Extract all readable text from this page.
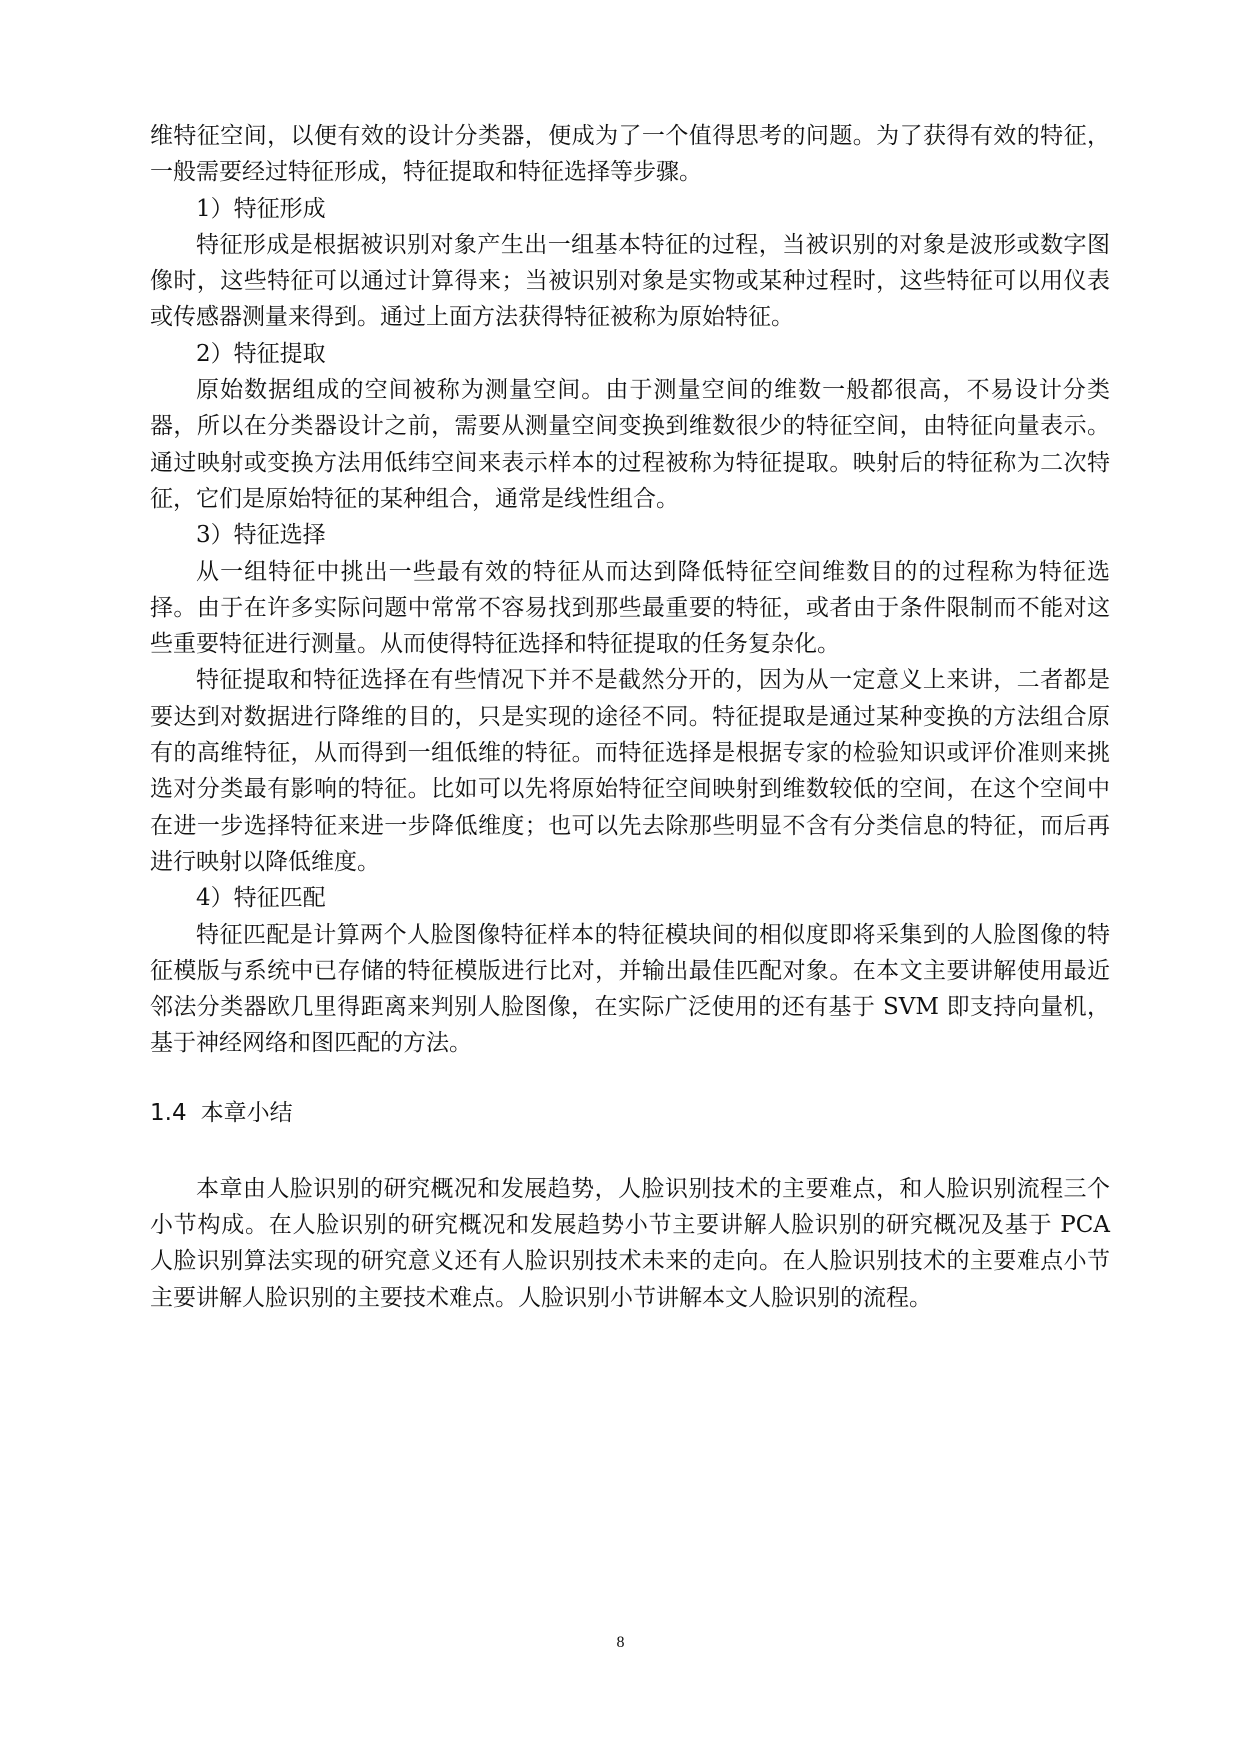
维特征空间，以便有效的设计分类器，便成为了一个值得思考的问题。为了获得有效的特征，一般需要经过特征形成，特征提取和特征选择等步骤。

1）特征形成

特征形成是根据被识别对象产生出一组基本特征的过程，当被识别的对象是波形或数字图像时，这些特征可以通过计算得来；当被识别对象是实物或某种过程时，这些特征可以用仪表或传感器测量来得到。通过上面方法获得特征被称为原始特征。

2）特征提取

原始数据组成的空间被称为测量空间。由于测量空间的维数一般都很高，不易设计分类器，所以在分类器设计之前，需要从测量空间变换到维数很少的特征空间，由特征向量表示。通过映射或变换方法用低纬空间来表示样本的过程被称为特征提取。映射后的特征称为二次特征，它们是原始特征的某种组合，通常是线性组合。

3）特征选择

从一组特征中挑出一些最有效的特征从而达到降低特征空间维数目的的过程称为特征选择。由于在许多实际问题中常常不容易找到那些最重要的特征，或者由于条件限制而不能对这些重要特征进行测量。从而使得特征选择和特征提取的任务复杂化。

特征提取和特征选择在有些情况下并不是截然分开的，因为从一定意义上来讲，二者都是要达到对数据进行降维的目的，只是实现的途径不同。特征提取是通过某种变换的方法组合原有的高维特征，从而得到一组低维的特征。而特征选择是根据专家的检验知识或评价准则来挑选对分类最有影响的特征。比如可以先将原始特征空间映射到维数较低的空间，在这个空间中在进一步选择特征来进一步降低维度；也可以先去除那些明显不含有分类信息的特征，而后再进行映射以降低维度。

4）特征匹配

特征匹配是计算两个人脸图像特征样本的特征模块间的相似度即将采集到的人脸图像的特征模版与系统中已存储的特征模版进行比对，并输出最佳匹配对象。在本文主要讲解使用最近邻法分类器欧几里得距离来判别人脸图像，在实际广泛使用的还有基于 SVM 即支持向量机，基于神经网络和图匹配的方法。

1.4 本章小结

本章由人脸识别的研究概况和发展趋势，人脸识别技术的主要难点，和人脸识别流程三个小节构成。在人脸识别的研究概况和发展趋势小节主要讲解人脸识别的研究概况及基于 PCA 人脸识别算法实现的研究意义还有人脸识别技术未来的走向。在人脸识别技术的主要难点小节主要讲解人脸识别的主要技术难点。人脸识别小节讲解本文人脸识别的流程。

8
